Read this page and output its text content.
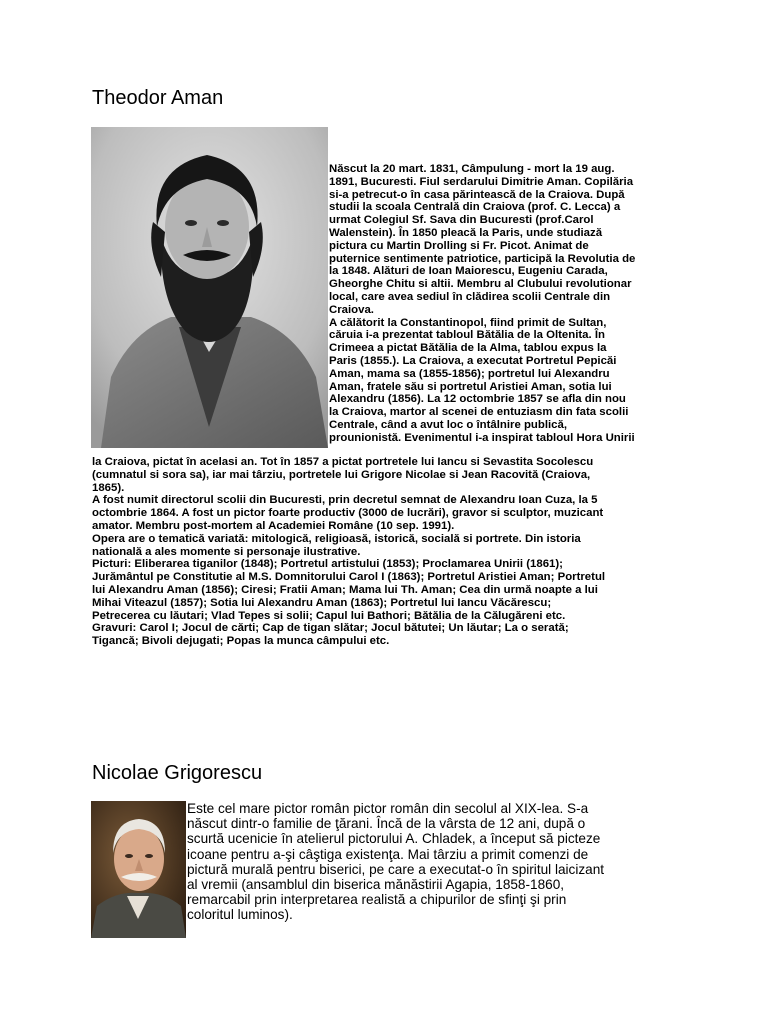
Theodor Aman
Născut la 20 mart. 1831, Câmpulung - mort la 19 aug.
1891, Bucuresti. Fiul serdarului Dimitrie Aman. Copilăria
si-a petrecut-o în casa părintească de la Craiova. După
studii la scoala Centrală din Craiova (prof. C. Lecca) a
urmat Colegiul Sf. Sava din Bucuresti (prof.Carol
Walenstein). În 1850 pleacă la Paris, unde studiază
pictura cu Martin Drolling si Fr. Picot. Animat de
puternice sentimente patriotice, participă la Revolutia de
la 1848. Alături de Ioan Maiorescu, Eugeniu Carada,
Gheorghe Chitu si altii. Membru al Clubului revolutionar
local, care avea sediul în clădirea scolii Centrale din
Craiova.
A călătorit la Constantinopol, fiind primit de Sultan,
căruia i-a prezentat tabloul Bătălia de la Oltenita. În
Crimeea a pictat Bătălia de la Alma, tablou expus la
Paris (1855.). La Craiova, a executat Portretul Pepicăi
Aman, mama sa (1855-1856); portretul lui Alexandru
Aman, fratele său si portretul Aristiei Aman, sotia lui
Alexandru (1856). La 12 octombrie 1857 se afla din nou
la Craiova, martor al scenei de entuziasm din fata scolii
Centrale, când a avut loc o întâlnire publică,
prounionistă. Evenimentul i-a inspirat tabloul Hora Unirii
la Craiova, pictat în acelasi an. Tot în 1857 a pictat portretele lui Iancu si Sevastita Socolescu
(cumnatul si sora sa), iar mai târziu, portretele lui Grigore Nicolae si Jean Racovită (Craiova,
1865).
A fost numit directorul scolii din Bucuresti, prin decretul semnat de Alexandru Ioan Cuza, la 5
octombrie 1864. A fost un pictor foarte productiv (3000 de lucrări), gravor si sculptor, muzicant
amator. Membru post-mortem al Academiei Române (10 sep. 1991).
Opera are o tematică variată: mitologică, religioasă, istorică, socială si portrete. Din istoria
natională a ales momente si personaje ilustrative.
Picturi: Eliberarea tiganilor (1848); Portretul artistului (1853); Proclamarea Unirii (1861);
Jurământul pe Constitutie al M.S. Domnitorului Carol I (1863); Portretul Aristiei Aman; Portretul
lui Alexandru Aman (1856); Ciresi; Fratii Aman; Mama lui Th. Aman; Cea din urmă noapte a lui
Mihai Viteazul (1857); Sotia lui Alexandru Aman (1863); Portretul lui Iancu Văcărescu;
Petrecerea cu lăutari; Vlad Tepes si solii; Capul lui Bathori; Bătălia de la Călugăreni etc.
Gravuri: Carol I; Jocul de cărti; Cap de tigan slătar; Jocul bătutei; Un lăutar; La o serată;
Tigancă; Bivoli dejugati; Popas la munca câmpului etc.
Nicolae Grigorescu
Este cel mare pictor român pictor român din secolul al XIX-lea. S-a
născut dintr-o familie de ţărani. Încă de la vârsta de 12 ani, după o
scurtă ucenicie în atelierul pictorului A. Chladek, a început să picteze
icoane pentru a-şi câştiga existenţa. Mai târziu a primit comenzi de
pictură murală pentru biserici, pe care a executat-o în spiritul laicizant
al vremii (ansamblul din biserica mănăstirii Agapia, 1858-1860,
remarcabil prin interpretarea realistă a chipurilor de sfinţi şi prin
coloritul luminos).
